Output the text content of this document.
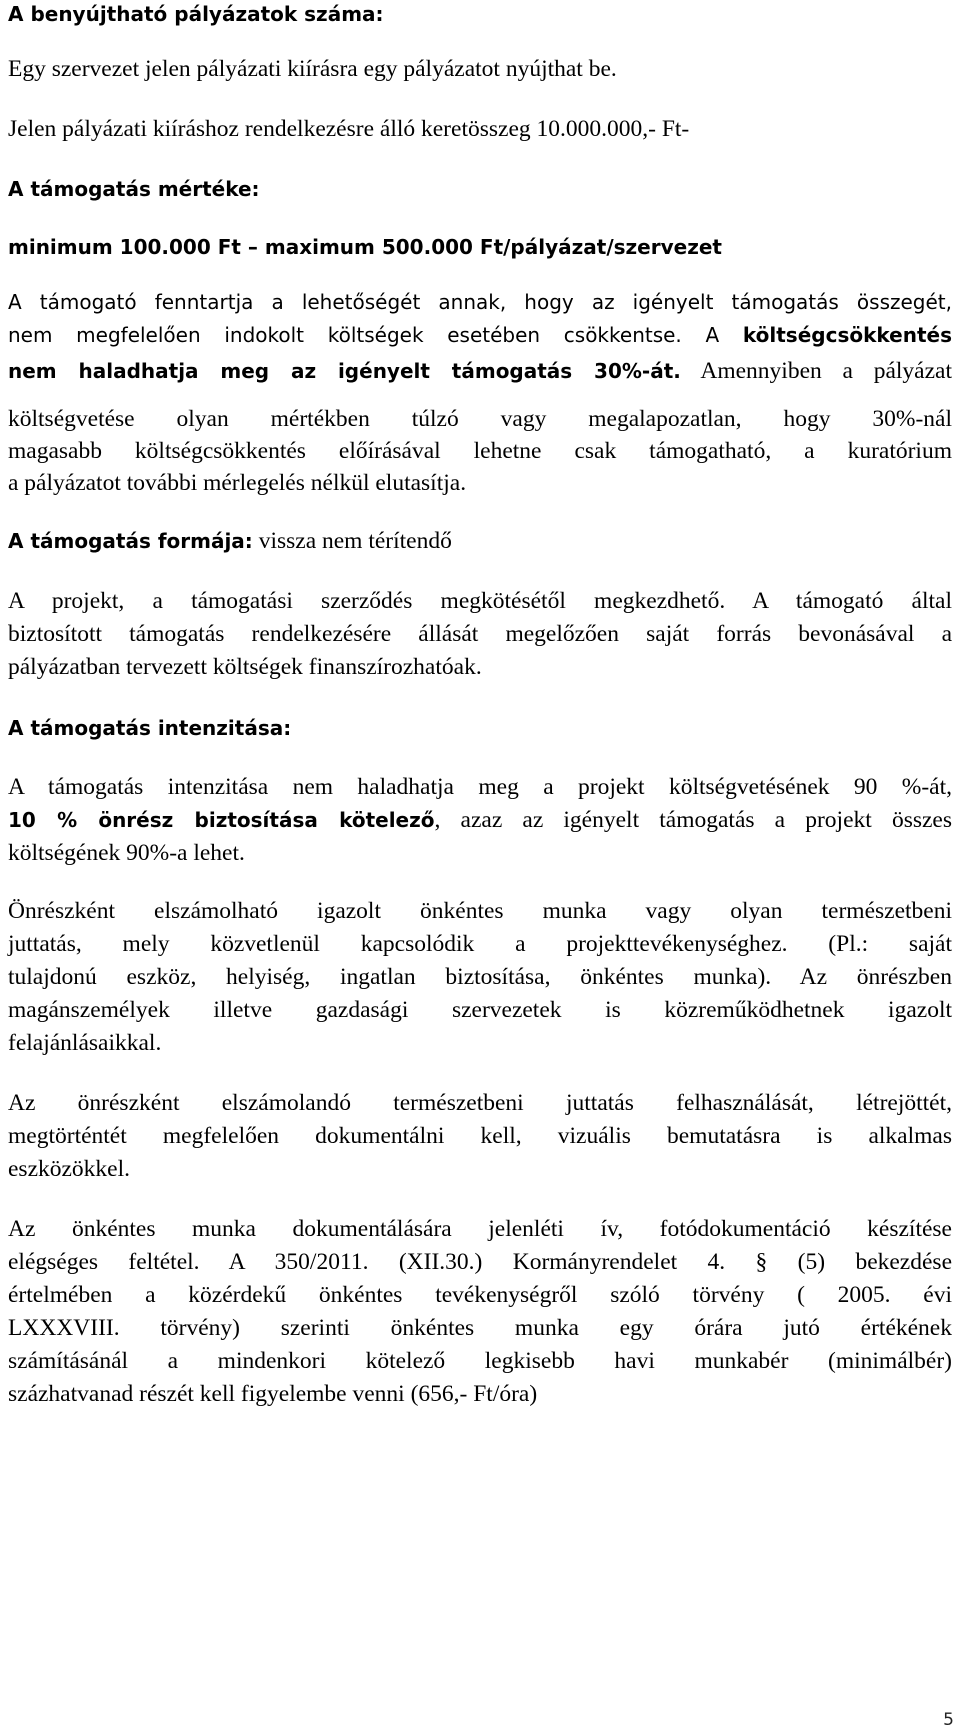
A benyújtható pályázatok száma:
Egy szervezet jelen pályázati kiírásra egy pályázatot nyújthat be.
Jelen pályázati kiíráshoz rendelkezésre álló keretösszeg 10.000.000,- Ft-
A támogatás mértéke:
minimum 100.000 Ft – maximum 500.000 Ft/pályázat/szervezet
A támogató fenntartja a lehetőségét annak, hogy az igényelt támogatás összegét,
nem megfelelően indokolt költségek esetében csökkentse. A költségcsökkentés
nem haladhatja meg az igényelt támogatás 30%-át. Amennyiben a pályázat
költségvetése olyan mértékben túlzó vagy megalapozatlan, hogy 30%-nál
magasabb költségcsökkentés előírásával lehetne csak támogatható, a kuratórium
a pályázatot további mérlegelés nélkül elutasítja.
A támogatás formája: vissza nem térítendő
A projekt, a támogatási szerződés megkötésétől megkezdhető. A támogató által
biztosított támogatás rendelkezésére állását megelőzően saját forrás bevonásával a
pályázatban tervezett költségek finanszírozhatóak.
A támogatás intenzitása:
A támogatás intenzitása nem haladhatja meg a projekt költségvetésének 90 %-át,
10 % önrész biztosítása kötelező, azaz az igényelt támogatás a projekt összes
költségének 90%-a lehet.
Önrészként elszámolható igazolt önkéntes munka vagy olyan természetbeni
juttatás, mely közvetlenül kapcsolódik a projekttevékenységhez. (Pl.: saját
tulajdonú eszköz, helyiség, ingatlan biztosítása, önkéntes munka). Az önrészben
magánszemélyek illetve gazdasági szervezetek is közreműködhetnek igazolt
felajánlásaikkal.
Az önrészként elszámolandó természetbeni juttatás felhasználását, létrejöttét,
megtörténtét megfelelően dokumentálni kell, vizuális bemutatásra is alkalmas
eszközökkel.
Az önkéntes munka dokumentálására jelenléti ív, fotódokumentáció készítése
elégséges feltétel. A 350/2011. (XII.30.) Kormányrendelet 4. § (5) bekezdése
értelmében a közérdekű önkéntes tevékenységről szóló törvény ( 2005. évi
LXXXVIII. törvény) szerinti önkéntes munka egy órára jutó értékének
számításánál a mindenkori kötelező legkisebb havi munkabér (minimálbér)
százhatvanad részét kell figyelembe venni (656,- Ft/óra)
5
